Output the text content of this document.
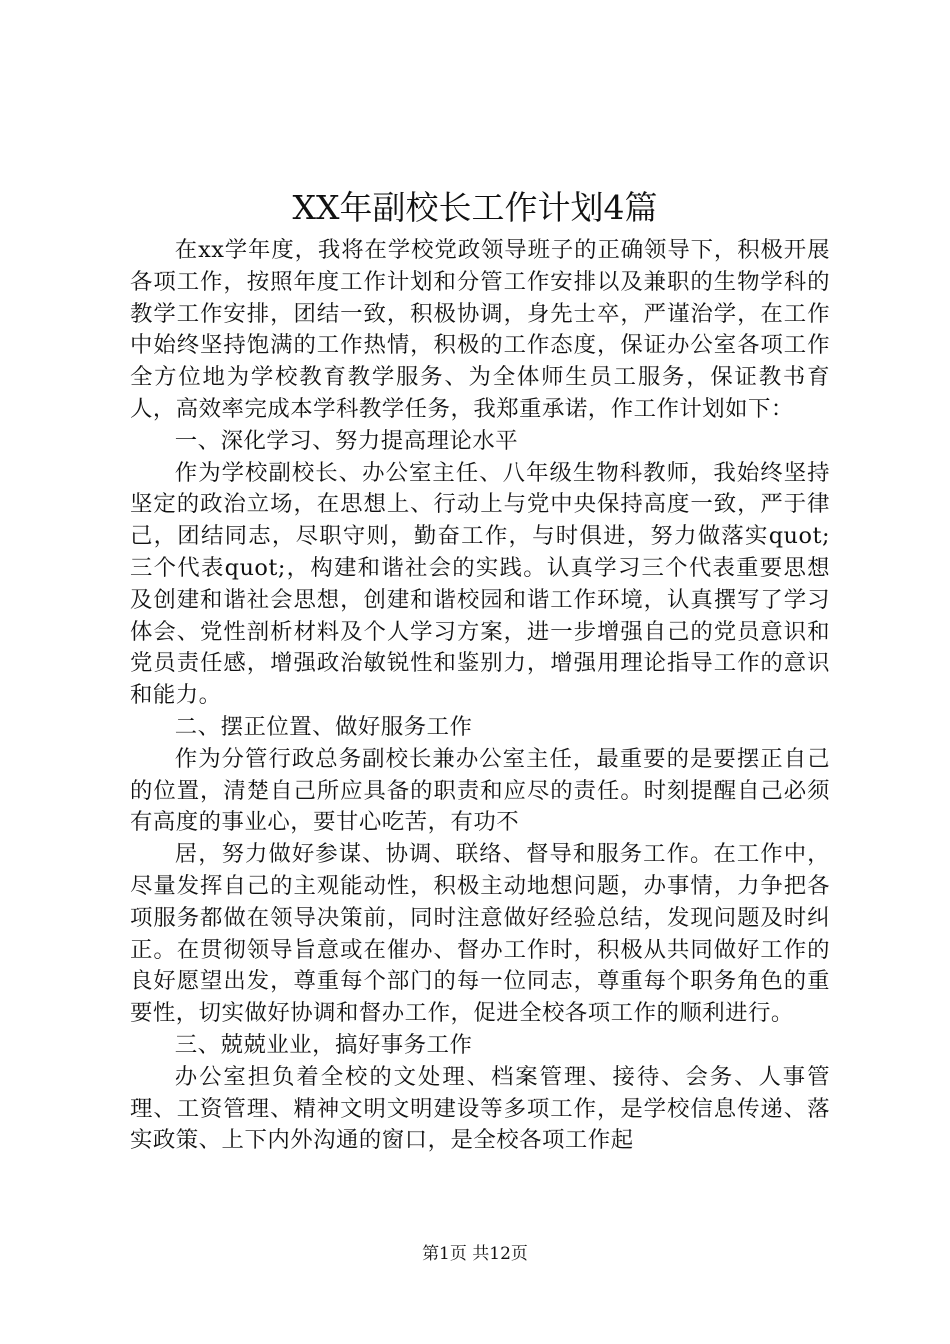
XX年副校长工作计划4篇

在xx学年度，我将在学校党政领导班子的正确领导下，积极开展各项工作，按照年度工作计划和分管工作安排以及兼职的生物学科的教学工作安排，团结一致，积极协调，身先士卒，严谨治学，在工作中始终坚持饱满的工作热情，积极的工作态度，保证办公室各项工作全方位地为学校教育教学服务、为全体师生员工服务，保证教书育人，高效率完成本学科教学任务，我郑重承诺，作工作计划如下：

一、深化学习、努力提高理论水平

作为学校副校长、办公室主任、八年级生物科教师，我始终坚持坚定的政治立场，在思想上、行动上与党中央保持高度一致，严于律己，团结同志，尽职守则，勤奋工作，与时俱进，努力做落实quot;三个代表quot;，构建和谐社会的实践。认真学习三个代表重要思想及创建和谐社会思想，创建和谐校园和谐工作环境，认真撰写了学习体会、党性剖析材料及个人学习方案，进一步增强自己的党员意识和党员责任感，增强政治敏锐性和鉴别力，增强用理论指导工作的意识和能力。

二、摆正位置、做好服务工作

作为分管行政总务副校长兼办公室主任，最重要的是要摆正自己的位置，清楚自己所应具备的职责和应尽的责任。时刻提醒自己必须有高度的事业心，要甘心吃苦，有功不

居，努力做好参谋、协调、联络、督导和服务工作。在工作中，尽量发挥自己的主观能动性，积极主动地想问题，办事情，力争把各项服务都做在领导决策前，同时注意做好经验总结，发现问题及时纠正。在贯彻领导旨意或在催办、督办工作时，积极从共同做好工作的良好愿望出发，尊重每个部门的每一位同志，尊重每个职务角色的重要性，切实做好协调和督办工作，促进全校各项工作的顺利进行。

三、兢兢业业，搞好事务工作

办公室担负着全校的文处理、档案管理、接待、会务、人事管理、工资管理、精神文明文明建设等多项工作，是学校信息传递、落实政策、上下内外沟通的窗口，是全校各项工作起

第1页 共12页
